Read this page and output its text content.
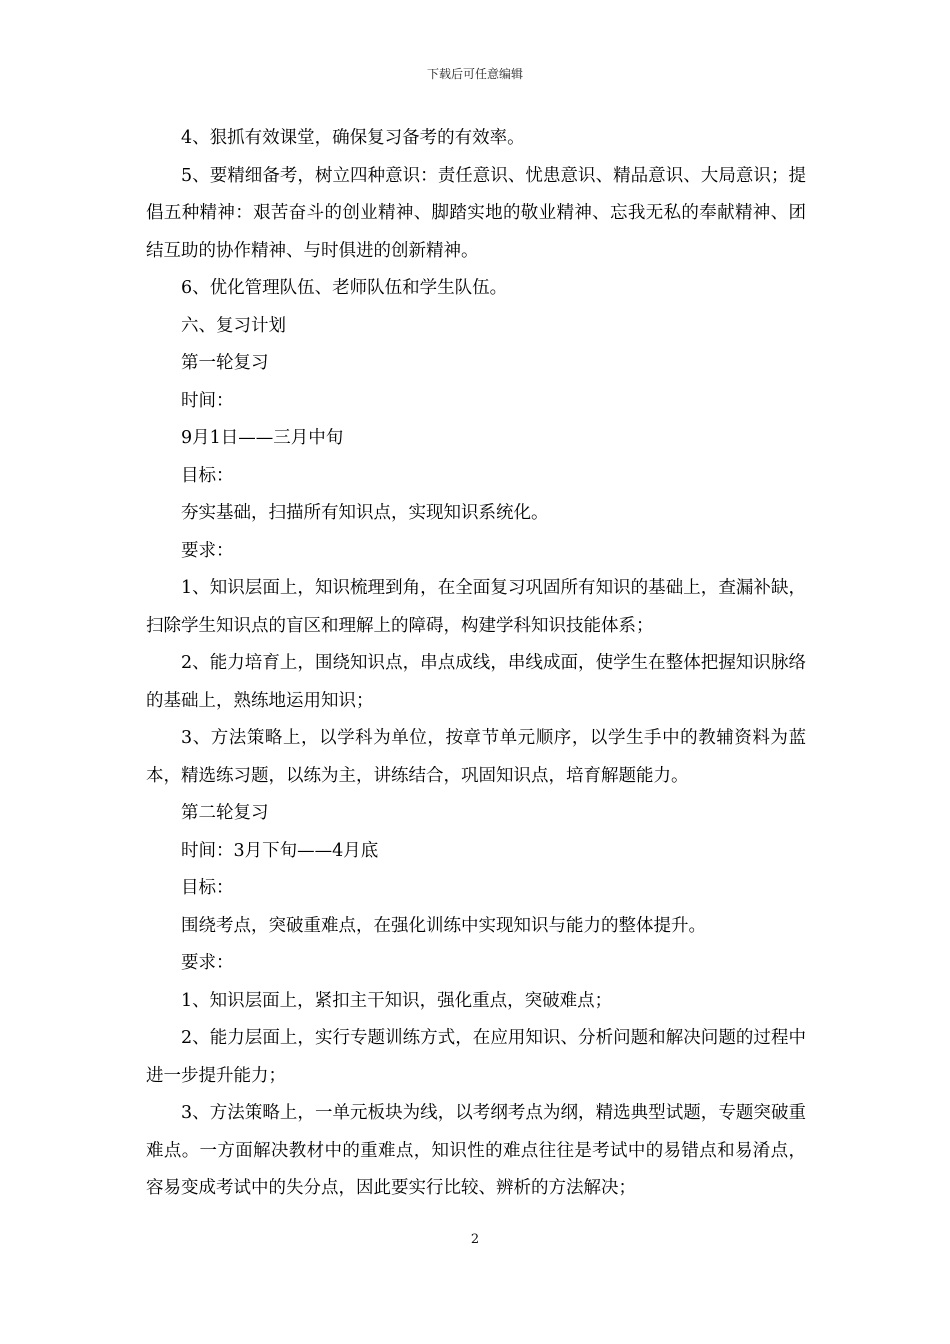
下载后可任意编辑

4、狠抓有效课堂，确保复习备考的有效率。

5、要精细备考，树立四种意识：责任意识、忧患意识、精品意识、大局意识；提倡五种精神：艰苦奋斗的创业精神、脚踏实地的敬业精神、忘我无私的奉献精神、团结互助的协作精神、与时俱进的创新精神。

6、优化管理队伍、老师队伍和学生队伍。

六、复习计划

第一轮复习

时间：

9月1日——三月中旬

目标：

夯实基础，扫描所有知识点，实现知识系统化。

要求：

1、知识层面上，知识梳理到角，在全面复习巩固所有知识的基础上，查漏补缺，扫除学生知识点的盲区和理解上的障碍，构建学科知识技能体系；

2、能力培育上，围绕知识点，串点成线，串线成面，使学生在整体把握知识脉络的基础上，熟练地运用知识；

3、方法策略上，以学科为单位，按章节单元顺序，以学生手中的教辅资料为蓝本，精选练习题，以练为主，讲练结合，巩固知识点，培育解题能力。

第二轮复习

时间：3月下旬——4月底

目标：

围绕考点，突破重难点，在强化训练中实现知识与能力的整体提升。

要求：

1、知识层面上，紧扣主干知识，强化重点，突破难点；

2、能力层面上，实行专题训练方式，在应用知识、分析问题和解决问题的过程中进一步提升能力；

3、方法策略上，一单元板块为线，以考纲考点为纲，精选典型试题，专题突破重难点。一方面解决教材中的重难点，知识性的难点往往是考试中的易错点和易淆点，容易变成考试中的失分点，因此要实行比较、辨析的方法解决；

2
